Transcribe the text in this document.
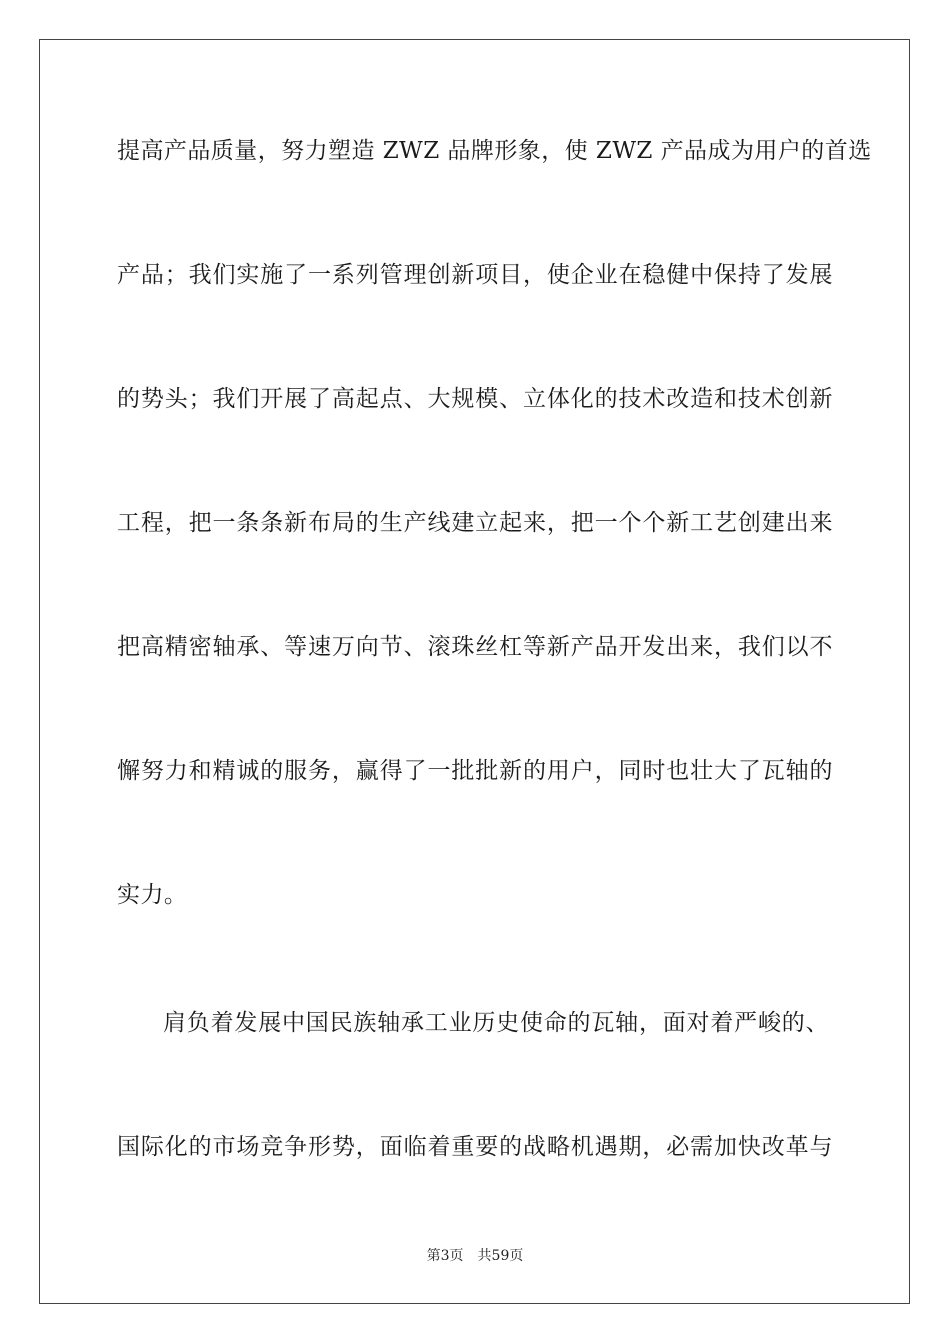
提高产品质量，努力塑造 ZWZ 品牌形象，使 ZWZ 产品成为用户的首选
产品；我们实施了一系列管理创新项目，使企业在稳健中保持了发展
的势头；我们开展了高起点、大规模、立体化的技术改造和技术创新
工程，把一条条新布局的生产线建立起来，把一个个新工艺创建出来
把高精密轴承、等速万向节、滚珠丝杠等新产品开发出来，我们以不
懈努力和精诚的服务，赢得了一批批新的用户，同时也壮大了瓦轴的
实力。
肩负着发展中国民族轴承工业历史使命的瓦轴，面对着严峻的、
国际化的市场竞争形势，面临着重要的战略机遇期，必需加快改革与
第3页 共59页
